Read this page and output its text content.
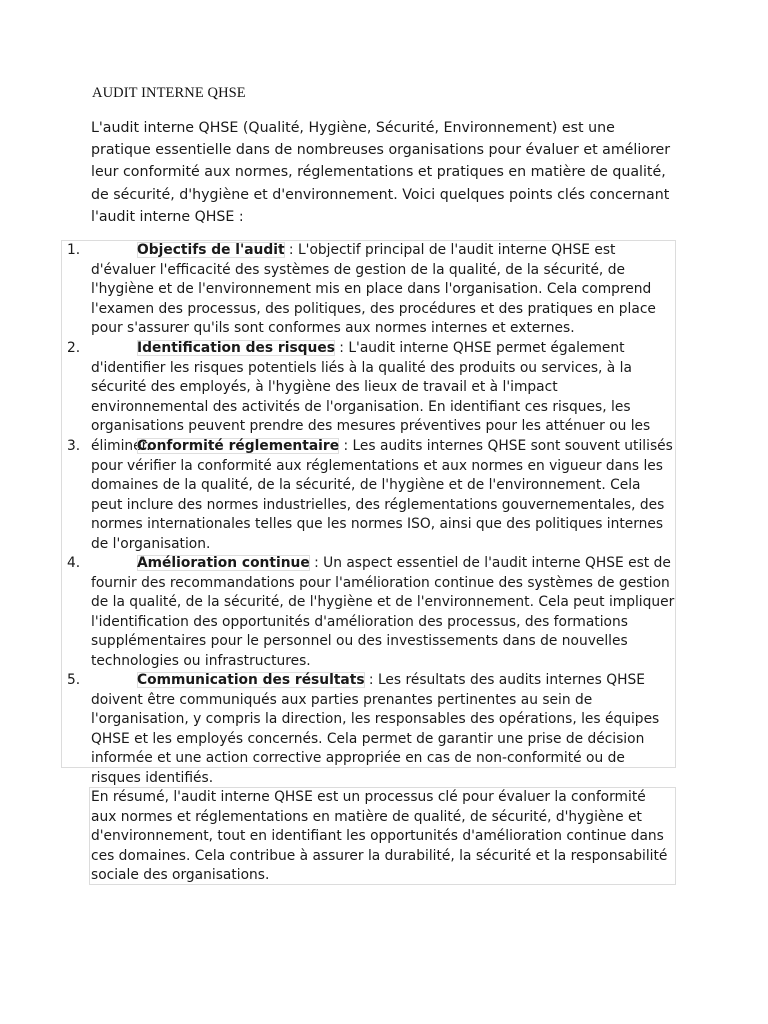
AUDIT INTERNE QHSE
L'audit interne QHSE (Qualité, Hygiène, Sécurité, Environnement) est une pratique essentielle dans de nombreuses organisations pour évaluer et améliorer leur conformité aux normes, réglementations et pratiques en matière de qualité, de sécurité, d'hygiène et d'environnement. Voici quelques points clés concernant l'audit interne QHSE :
1.	Objectifs de l'audit : L'objectif principal de l'audit interne QHSE est d'évaluer l'efficacité des systèmes de gestion de la qualité, de la sécurité, de l'hygiène et de l'environnement mis en place dans l'organisation. Cela comprend l'examen des processus, des politiques, des procédures et des pratiques en place pour s'assurer qu'ils sont conformes aux normes internes et externes.
2.	Identification des risques : L'audit interne QHSE permet également d'identifier les risques potentiels liés à la qualité des produits ou services, à la sécurité des employés, à l'hygiène des lieux de travail et à l'impact environnemental des activités de l'organisation. En identifiant ces risques, les organisations peuvent prendre des mesures préventives pour les atténuer ou les éliminer.
3.	Conformité réglementaire : Les audits internes QHSE sont souvent utilisés pour vérifier la conformité aux réglementations et aux normes en vigueur dans les domaines de la qualité, de la sécurité, de l'hygiène et de l'environnement. Cela peut inclure des normes industrielles, des réglementations gouvernementales, des normes internationales telles que les normes ISO, ainsi que des politiques internes de l'organisation.
4.	Amélioration continue : Un aspect essentiel de l'audit interne QHSE est de fournir des recommandations pour l'amélioration continue des systèmes de gestion de la qualité, de la sécurité, de l'hygiène et de l'environnement. Cela peut impliquer l'identification des opportunités d'amélioration des processus, des formations supplémentaires pour le personnel ou des investissements dans de nouvelles technologies ou infrastructures.
5.	Communication des résultats : Les résultats des audits internes QHSE doivent être communiqués aux parties prenantes pertinentes au sein de l'organisation, y compris la direction, les responsables des opérations, les équipes QHSE et les employés concernés. Cela permet de garantir une prise de décision informée et une action corrective appropriée en cas de non-conformité ou de risques identifiés.
En résumé, l'audit interne QHSE est un processus clé pour évaluer la conformité aux normes et réglementations en matière de qualité, de sécurité, d'hygiène et d'environnement, tout en identifiant les opportunités d'amélioration continue dans ces domaines. Cela contribue à assurer la durabilité, la sécurité et la responsabilité sociale des organisations.
